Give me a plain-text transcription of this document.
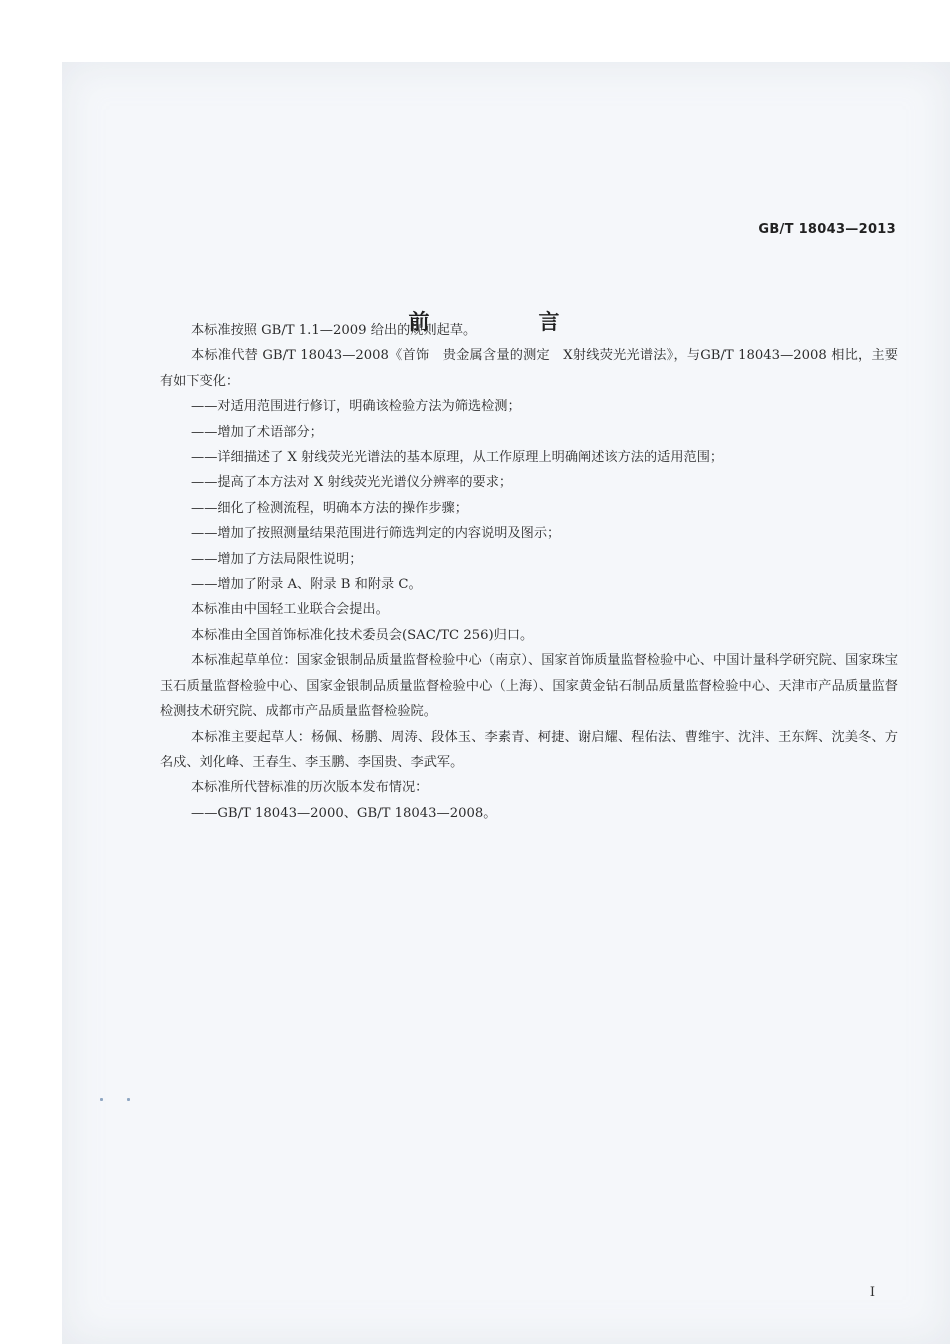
GB/T 18043—2013
前　言

本标准按照 GB/T 1.1—2009 给出的规则起草。

本标准代替 GB/T 18043—2008《首饰　贵金属含量的测定　X射线荧光光谱法》，与GB/T 18043—2008 相比，主要有如下变化：

——对适用范围进行修订，明确该检验方法为筛选检测；

——增加了术语部分；

——详细描述了 X 射线荧光光谱法的基本原理，从工作原理上明确阐述该方法的适用范围；

——提高了本方法对 X 射线荧光光谱仪分辨率的要求；

——细化了检测流程，明确本方法的操作步骤；

——增加了按照测量结果范围进行筛选判定的内容说明及图示；

——增加了方法局限性说明；

——增加了附录 A、附录 B 和附录 C。

本标准由中国轻工业联合会提出。

本标准由全国首饰标准化技术委员会(SAC/TC 256)归口。

本标准起草单位：国家金银制品质量监督检验中心（南京）、国家首饰质量监督检验中心、中国计量科学研究院、国家珠宝玉石质量监督检验中心、国家金银制品质量监督检验中心（上海）、国家黄金钻石制品质量监督检验中心、天津市产品质量监督检测技术研究院、成都市产品质量监督检验院。

本标准主要起草人：杨佩、杨鹏、周涛、段体玉、李素青、柯捷、谢启耀、程佑法、曹维宇、沈沣、王东辉、沈美冬、方名戍、刘化峰、王春生、李玉鹏、李国贵、李武军。

本标准所代替标准的历次版本发布情况：

——GB/T 18043—2000、GB/T 18043—2008。

I
